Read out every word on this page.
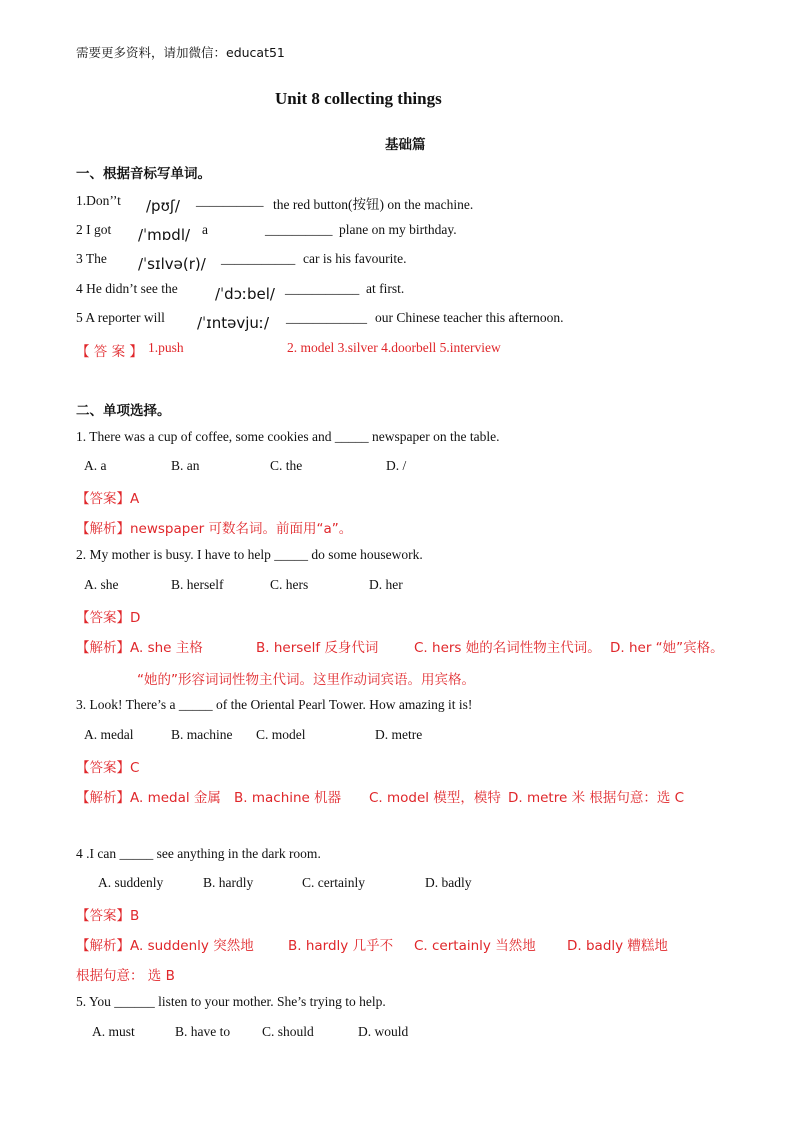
需要更多资料，请加微信：educat51
Unit 8 collecting things
基础篇
一、根据音标写单词。
1.Don’’t /pʊʃ/ __________ the red button(按钮) on the machine.
2 I got /ˈmɒdl/ a	__________ plane on my birthday.
3 The /ˈsɪlvə(r)/ ___________ car is his favourite.
4 He didn’t see the /ˈdɔːbel/ ___________ at first.
5 A reporter will /ˈɪntəvjuː/ ____________ our Chinese teacher this afternoon.
【 答 案 】 1.push	2. model 3.silver 4.doorbell 5.interview
二、单项选择。
1. There was a cup of coffee, some cookies and _____ newspaper on the table.
A. a	B. an	C. the	D. /
【答案】A
【解析】newspaper 可数名词。前面用“a”。
2. My mother is busy. I have to help _____ do some housework.
A. she	B. herself	C. hers	D. her
【答案】D
【解析】A. she 主格	B. herself 反身代词	C. hers 她的名词性物主代词。 D. her “她”宾格。
“她的”形容词词性物主代词。这里作动词宾语。用宾格。
3. Look! There’s a _____ of the Oriental Pearl Tower. How amazing it is!
A. medal	B. machine C. model	D. metre
【答案】C
【解析】A. medal 金属 B. machine 机器 C. model 模型，模特 D. metre 米 根据句意：选 C
4 .I can _____ see anything in the dark room.
A. suddenly	B. hardly	C. certainly	D. badly
【答案】B
【解析】A. suddenly 突然地	B. hardly 几乎不 C. certainly 当然地 D. badly 糟糕地
根据句意： 选 B
5. You ______ listen to your mother. She’s trying to help.
A. must	B. have to C. should	D. would
